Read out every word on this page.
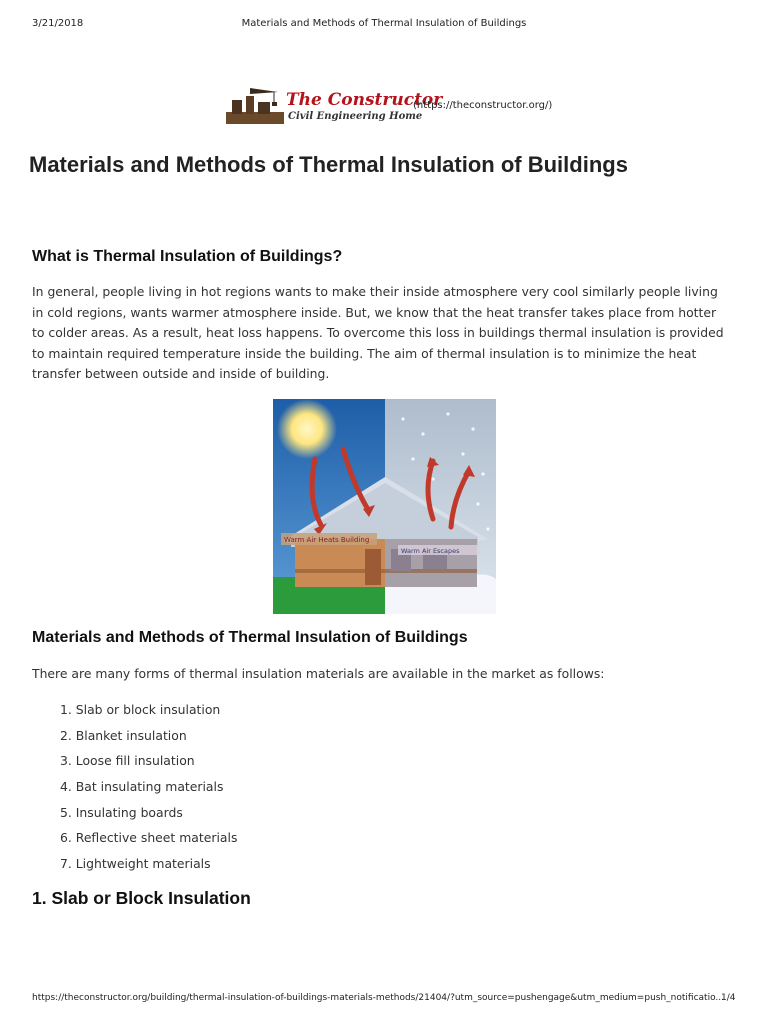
3/21/2018	Materials and Methods of Thermal Insulation of Buildings
The Constructor
Civil Engineering Home
(https://theconstructor.org/)
Materials and Methods of Thermal Insulation of Buildings
What is Thermal Insulation of Buildings?
In general, people living in hot regions wants to make their inside atmosphere very cool similarly people living in cold regions, wants warmer atmosphere inside. But, we know that the heat transfer takes place from hotter to colder areas. As a result, heat loss happens. To overcome this loss in buildings thermal insulation is provided to maintain required temperature inside the building. The aim of thermal insulation is to minimize the heat transfer between outside and inside of building.
Warm Air Heats Building
Warm Air Escapes
Materials and Methods of Thermal Insulation of Buildings
There are many forms of thermal insulation materials are available in the market as follows:
1. Slab or block insulation
2. Blanket insulation
3. Loose fill insulation
4. Bat insulating materials
5. Insulating boards
6. Reflective sheet materials
7. Lightweight materials
1. Slab or Block Insulation
https://theconstructor.org/building/thermal-insulation-of-buildings-materials-methods/21404/?utm_source=pushengage&utm_medium=push_notificatio...
1/4
